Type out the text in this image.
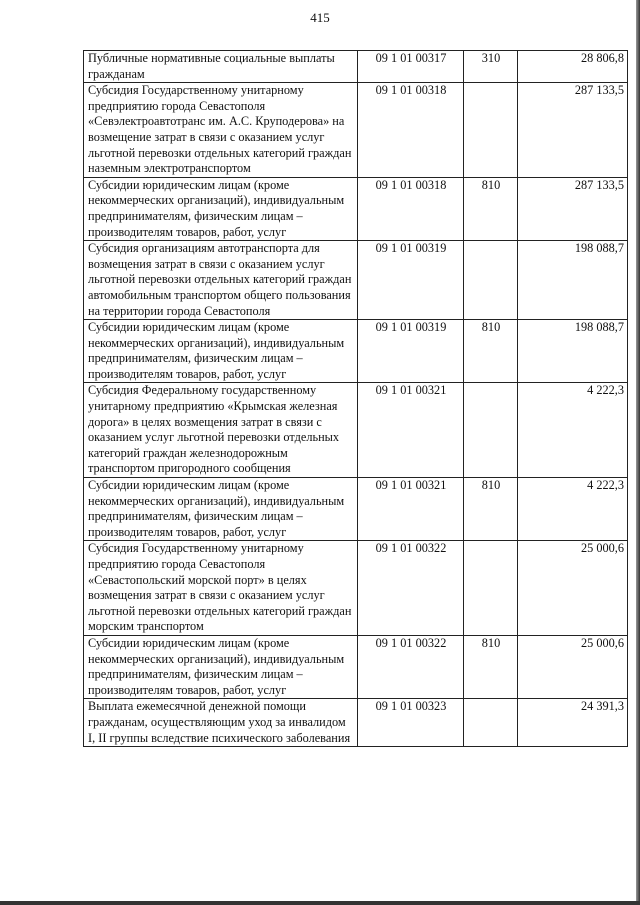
415
Публичные нормативные социальные выплаты гражданам	09 1 01 00317	310	28 806,8
Субсидия Государственному унитарному предприятию города Севастополя «Севэлектроавтотранс им. А.С. Круподерова» на возмещение затрат в связи с оказанием услуг льготной перевозки отдельных категорий граждан наземным электротранспортом	09 1 01 00318		287 133,5
Субсидии юридическим лицам (кроме некоммерческих организаций), индивидуальным предпринимателям, физическим лицам – производителям товаров, работ, услуг	09 1 01 00318	810	287 133,5
Субсидия организациям автотранспорта для возмещения затрат в связи с оказанием услуг льготной перевозки отдельных категорий граждан автомобильным транспортом общего пользования на территории города Севастополя	09 1 01 00319		198 088,7
Субсидии юридическим лицам (кроме некоммерческих организаций), индивидуальным предпринимателям, физическим лицам – производителям товаров, работ, услуг	09 1 01 00319	810	198 088,7
Субсидия Федеральному государственному унитарному предприятию «Крымская железная дорога» в целях возмещения затрат в связи с оказанием услуг льготной перевозки отдельных категорий граждан железнодорожным транспортом пригородного сообщения	09 1 01 00321		4 222,3
Субсидии юридическим лицам (кроме некоммерческих организаций), индивидуальным предпринимателям, физическим лицам – производителям товаров, работ, услуг	09 1 01 00321	810	4 222,3
Субсидия Государственному унитарному предприятию города Севастополя «Севастопольский морской порт» в целях возмещения затрат в связи с оказанием услуг льготной перевозки отдельных категорий граждан морским транспортом	09 1 01 00322		25 000,6
Субсидии юридическим лицам (кроме некоммерческих организаций), индивидуальным предпринимателям, физическим лицам – производителям товаров, работ, услуг	09 1 01 00322	810	25 000,6
Выплата ежемесячной денежной помощи гражданам, осуществляющим уход за инвалидом I, II группы вследствие психического заболевания	09 1 01 00323		24 391,3
